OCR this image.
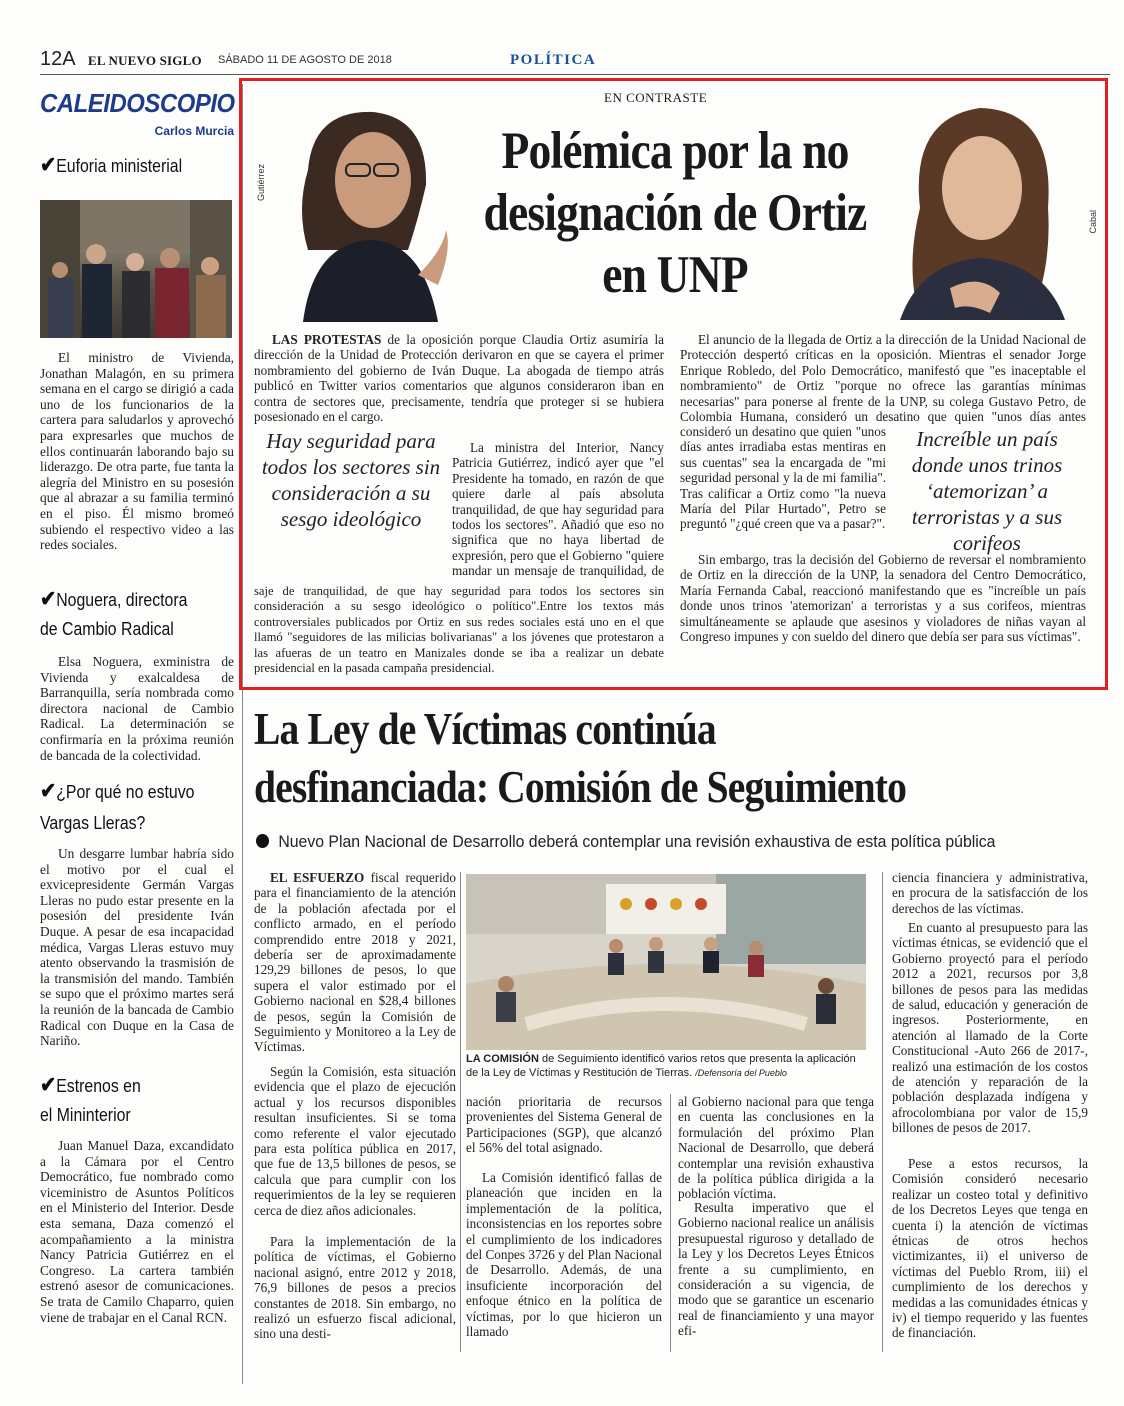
12A EL NUEVO SIGLO SÁBADO 11 DE AGOSTO DE 2018	POLÍTICA
CALEIDOSCOPIO
Carlos Murcia
✔Euforia ministerial
El ministro de Vivienda, Jonathan Malagón, en su primera semana en el cargo se dirigió a cada uno de los funcionarios de la cartera para saludarlos y aprovechó para expresarles que muchos de ellos continuarán laborando bajo su liderazgo. De otra parte, fue tanta la alegría del Ministro en su posesión que al abrazar a su familia terminó en el piso. Él mismo bromeó subiendo el respectivo video a las redes sociales.
✔Noguera, directora
de Cambio Radical
Elsa Noguera, exministra de Vivienda y exalcaldesa de Barranquilla, sería nombrada como directora nacional de Cambio Radical. La determinación se confirmaría en la próxima reunión de bancada de la colectividad.
✔¿Por qué no estuvo
Vargas Lleras?
Un desgarre lumbar habría sido el motivo por el cual el exvicepresidente Germán Vargas Lleras no pudo estar presente en la posesión del presidente Iván Duque. A pesar de esa incapacidad médica, Vargas Lleras estuvo muy atento observando la trasmisión de la transmisión del mando. También se supo que el próximo martes será la reunión de la bancada de Cambio Radical con Duque en la Casa de Nariño.
✔Estrenos en
el Mininterior
Juan Manuel Daza, excandidato a la Cámara por el Centro Democrático, fue nombrado como viceministro de Asuntos Políticos en el Ministerio del Interior. Desde esta semana, Daza comenzó el acompañamiento a la ministra Nancy Patricia Gutiérrez en el Congreso. La cartera también estrenó asesor de comunicaciones. Se trata de Camilo Chaparro, quien viene de trabajar en el Canal RCN.
EN CONTRASTE
Gutiérrez
Polémica por la no designación de Ortiz en UNP
Cabal
LAS PROTESTAS de la oposición porque Claudia Ortiz asumiría la dirección de la Unidad de Protección derivaron en que se cayera el primer nombramiento del gobierno de Iván Duque. La abogada de tiempo atrás publicó en Twitter varios comentarios que algunos consideraron iban en contra de sectores que, precisamente, tendría que proteger si se hubiera posesionado en el cargo.
Hay seguridad para todos los sectores sin consideración a su sesgo ideológico
La ministra del Interior, Nancy Patricia Gutiérrez, indicó ayer que "el Presidente ha tomado, en razón de que quiere darle al país absoluta tranquilidad, de que hay seguridad para todos los sectores". Añadió que eso no significa que no haya libertad de expresión, pero que el Gobierno "quiere mandar un mensaje de tranquilidad, de
saje de tranquilidad, de que hay seguridad para todos los sectores sin consideración a su sesgo ideológico o político".Entre los textos más controversiales publicados por Ortiz en sus redes sociales está uno en el que llamó "seguidores de las milicias bolivarianas" a los jóvenes que protestaron a las afueras de un teatro en Manizales donde se iba a realizar un debate presidencial en la pasada campaña presidencial.
El anuncio de la llegada de Ortiz a la dirección de la Unidad Nacional de Protección despertó críticas en la oposición. Mientras el senador Jorge Enrique Robledo, del Polo Democrático, manifestó que "es inaceptable el nombramiento" de Ortiz "porque no ofrece las garantías mínimas necesarias" para ponerse al frente de la UNP, su colega Gustavo Petro, de Colombia Humana, consideró un desatino que quien "unos días antes
consideró un desatino que quien "unos días antes irradiaba estas mentiras en sus cuentas" sea la encargada de "mi seguridad personal y la de mi familia". Tras calificar a Ortiz como "la nueva María del Pilar Hurtado", Petro se preguntó "¿qué creen que va a pasar?".
Increíble un país donde unos trinos ‘atemorizan’ a terroristas y a sus corifeos
Sin embargo, tras la decisión del Gobierno de reversar el nombramiento de Ortiz en la dirección de la UNP, la senadora del Centro Democrático, María Fernanda Cabal, reaccionó manifestando que es "increíble un país donde unos trinos 'atemorizan' a terroristas y a sus corifeos, mientras simultáneamente se aplaude que asesinos y violadores de niñas vayan al Congreso impunes y con sueldo del dinero que debía ser para sus víctimas".
La Ley de Víctimas continúa
desfinanciada: Comisión de Seguimiento
Nuevo Plan Nacional de Desarrollo deberá contemplar una revisión exhaustiva de esta política pública
EL ESFUERZO fiscal requerido para el financiamiento de la atención de la población afectada por el conflicto armado, en el período comprendido entre 2018 y 2021, debería ser de aproximadamente 129,29 billones de pesos, lo que supera el valor estimado por el Gobierno nacional en $28,4 billones de pesos, según la Comisión de Seguimiento y Monitoreo a la Ley de Víctimas.
Según la Comisión, esta situación evidencia que el plazo de ejecución actual y los recursos disponibles resultan insuficientes. Si se toma como referente el valor ejecutado para esta política pública en 2017, que fue de 13,5 billones de pesos, se calcula que para cumplir con los requerimientos de la ley se requieren cerca de diez años adicionales.
Para la implementación de la política de víctimas, el Gobierno nacional asignó, entre 2012 y 2018, 76,9 billones de pesos a precios constantes de 2018. Sin embargo, no realizó un esfuerzo fiscal adicional, sino una desti-
LA COMISIÓN de Seguimiento identificó varios retos que presenta la aplicación de la Ley de Víctimas y Restitución de Tierras. /Defensoría del Pueblo
nación prioritaria de recursos provenientes del Sistema General de Participaciones (SGP), que alcanzó el 56% del total asignado.
La Comisión identificó fallas de planeación que inciden en la implementación de la política, inconsistencias en los reportes sobre el cumplimiento de los indicadores del Conpes 3726 y del Plan Nacional de Desarrollo. Además, de una insuficiente incorporación del enfoque étnico en la política de víctimas, por lo que hicieron un llamado
al Gobierno nacional para que tenga en cuenta las conclusiones en la formulación del próximo Plan Nacional de Desarrollo, que deberá contemplar una revisión exhaustiva de la política pública dirigida a la población víctima.
Resulta imperativo que el Gobierno nacional realice un análisis presupuestal riguroso y detallado de la Ley y los Decretos Leyes Étnicos frente a su cumplimiento, en consideración a su vigencia, de modo que se garantice un escenario real de financiamiento y una mayor efi-
ciencia financiera y administrativa, en procura de la satisfacción de los derechos de las víctimas.
En cuanto al presupuesto para las víctimas étnicas, se evidenció que el Gobierno proyectó para el período 2012 a 2021, recursos por 3,8 billones de pesos para las medidas de salud, educación y generación de ingresos. Posteriormente, en atención al llamado de la Corte Constitucional -Auto 266 de 2017-, realizó una estimación de los costos de atención y reparación de la población desplazada indígena y afrocolombiana por valor de 15,9 billones de pesos de 2017.
Pese a estos recursos, la Comisión consideró necesario realizar un costeo total y definitivo de los Decretos Leyes que tenga en cuenta i) la atención de víctimas étnicas de otros hechos victimizantes, ii) el universo de víctimas del Pueblo Rrom, iii) el cumplimiento de los derechos y medidas a las comunidades étnicas y iv) el tiempo requerido y las fuentes de financiación.
